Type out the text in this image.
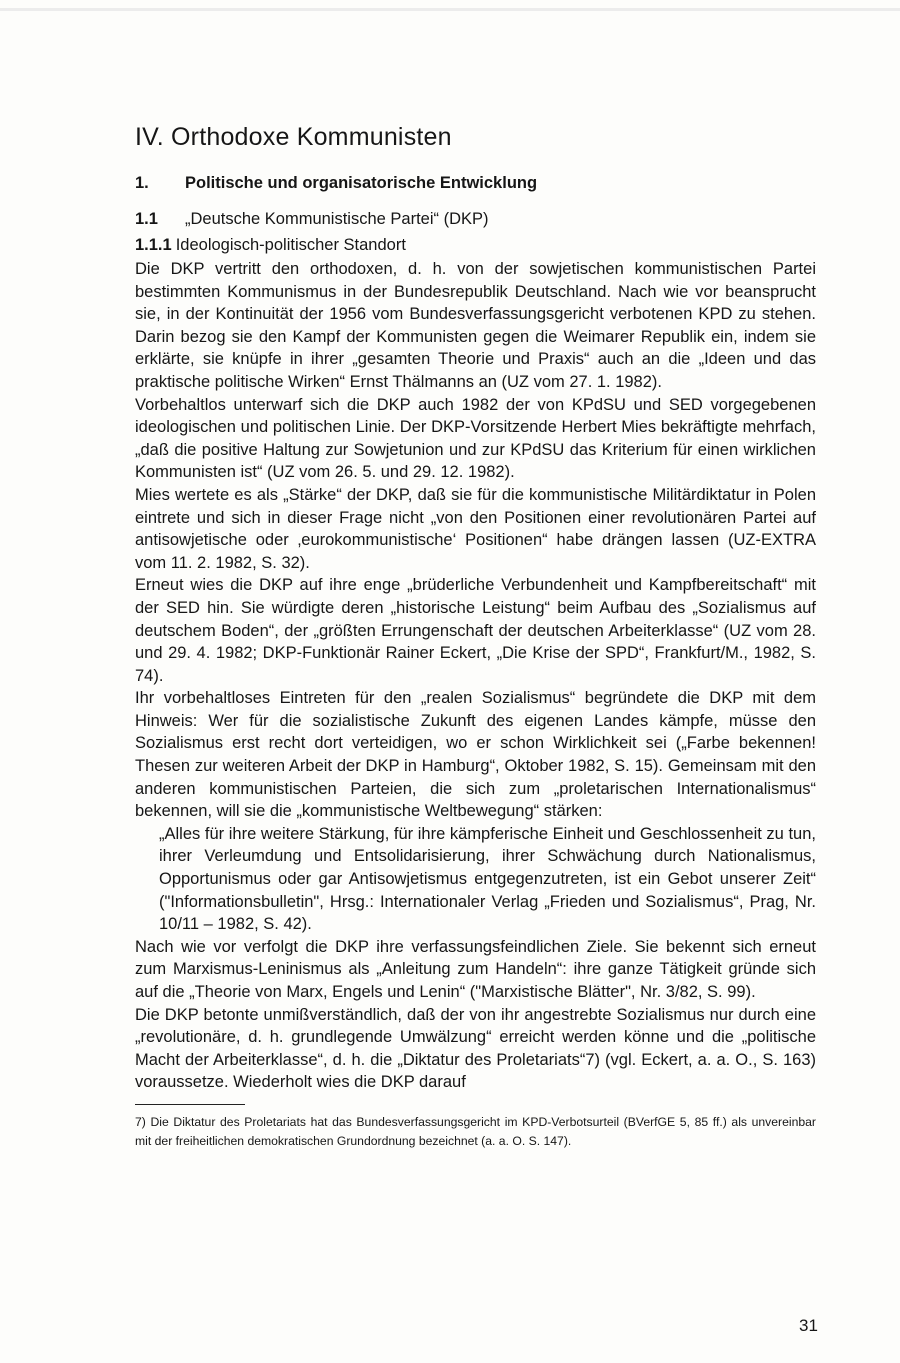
IV. Orthodoxe Kommunisten
1.	Politische und organisatorische Entwicklung
1.1	„Deutsche Kommunistische Partei“ (DKP)
1.1.1 Ideologisch-politischer Standort

Die DKP vertritt den orthodoxen, d. h. von der sowjetischen kommunistischen Partei bestimmten Kommunismus in der Bundesrepublik Deutschland. Nach wie vor beansprucht sie, in der Kontinuität der 1956 vom Bundesverfassungsgericht verbotenen KPD zu stehen. Darin bezog sie den Kampf der Kommunisten gegen die Weimarer Republik ein, indem sie erklärte, sie knüpfe in ihrer „gesamten Theorie und Praxis“ auch an die „Ideen und das praktische politische Wirken“ Ernst Thälmanns an (UZ vom 27. 1. 1982).

Vorbehaltlos unterwarf sich die DKP auch 1982 der von KPdSU und SED vorgegebenen ideologischen und politischen Linie. Der DKP-Vorsitzende Herbert Mies bekräftigte mehrfach, „daß die positive Haltung zur Sowjetunion und zur KPdSU das Kriterium für einen wirklichen Kommunisten ist“ (UZ vom 26. 5. und 29. 12. 1982).

Mies wertete es als „Stärke“ der DKP, daß sie für die kommunistische Militärdiktatur in Polen eintrete und sich in dieser Frage nicht „von den Positionen einer revolutionären Partei auf antisowjetische oder ‚eurokommunistische‘ Positionen“ habe drängen lassen (UZ-EXTRA vom 11. 2. 1982, S. 32).

Erneut wies die DKP auf ihre enge „brüderliche Verbundenheit und Kampfbereitschaft“ mit der SED hin. Sie würdigte deren „historische Leistung“ beim Aufbau des „Sozialismus auf deutschem Boden“, der „größten Errungenschaft der deutschen Arbeiterklasse“ (UZ vom 28. und 29. 4. 1982; DKP-Funktionär Rainer Eckert, „Die Krise der SPD“, Frankfurt/M., 1982, S. 74).

Ihr vorbehaltloses Eintreten für den „realen Sozialismus“ begründete die DKP mit dem Hinweis: Wer für die sozialistische Zukunft des eigenen Landes kämpfe, müsse den Sozialismus erst recht dort verteidigen, wo er schon Wirklichkeit sei („Farbe bekennen! Thesen zur weiteren Arbeit der DKP in Hamburg“, Oktober 1982, S. 15). Gemeinsam mit den anderen kommunistischen Parteien, die sich zum „proletarischen Internationalismus“ bekennen, will sie die „kommunistische Weltbewegung“ stärken:

„Alles für ihre weitere Stärkung, für ihre kämpferische Einheit und Geschlossenheit zu tun, ihrer Verleumdung und Entsolidarisierung, ihrer Schwächung durch Nationalismus, Opportunismus oder gar Antisowjetismus entgegenzutreten, ist ein Gebot unserer Zeit“ ("Informationsbulletin", Hrsg.: Internationaler Verlag „Frieden und Sozialismus“, Prag, Nr. 10/11 – 1982, S. 42).

Nach wie vor verfolgt die DKP ihre verfassungsfeindlichen Ziele. Sie bekennt sich erneut zum Marxismus-Leninismus als „Anleitung zum Handeln“: ihre ganze Tätigkeit gründe sich auf die „Theorie von Marx, Engels und Lenin“ ("Marxistische Blätter", Nr. 3/82, S. 99).

Die DKP betonte unmißverständlich, daß der von ihr angestrebte Sozialismus nur durch eine „revolutionäre, d. h. grundlegende Umwälzung“ erreicht werden könne und die „politische Macht der Arbeiterklasse“, d. h. die „Diktatur des Proletariats“7) (vgl. Eckert, a. a. O., S. 163) voraussetze. Wiederholt wies die DKP darauf

7) Die Diktatur des Proletariats hat das Bundesverfassungsgericht im KPD-Verbotsurteil (BVerfGE 5, 85 ff.) als unvereinbar mit der freiheitlichen demokratischen Grundordnung bezeichnet (a. a. O. S. 147).
31
